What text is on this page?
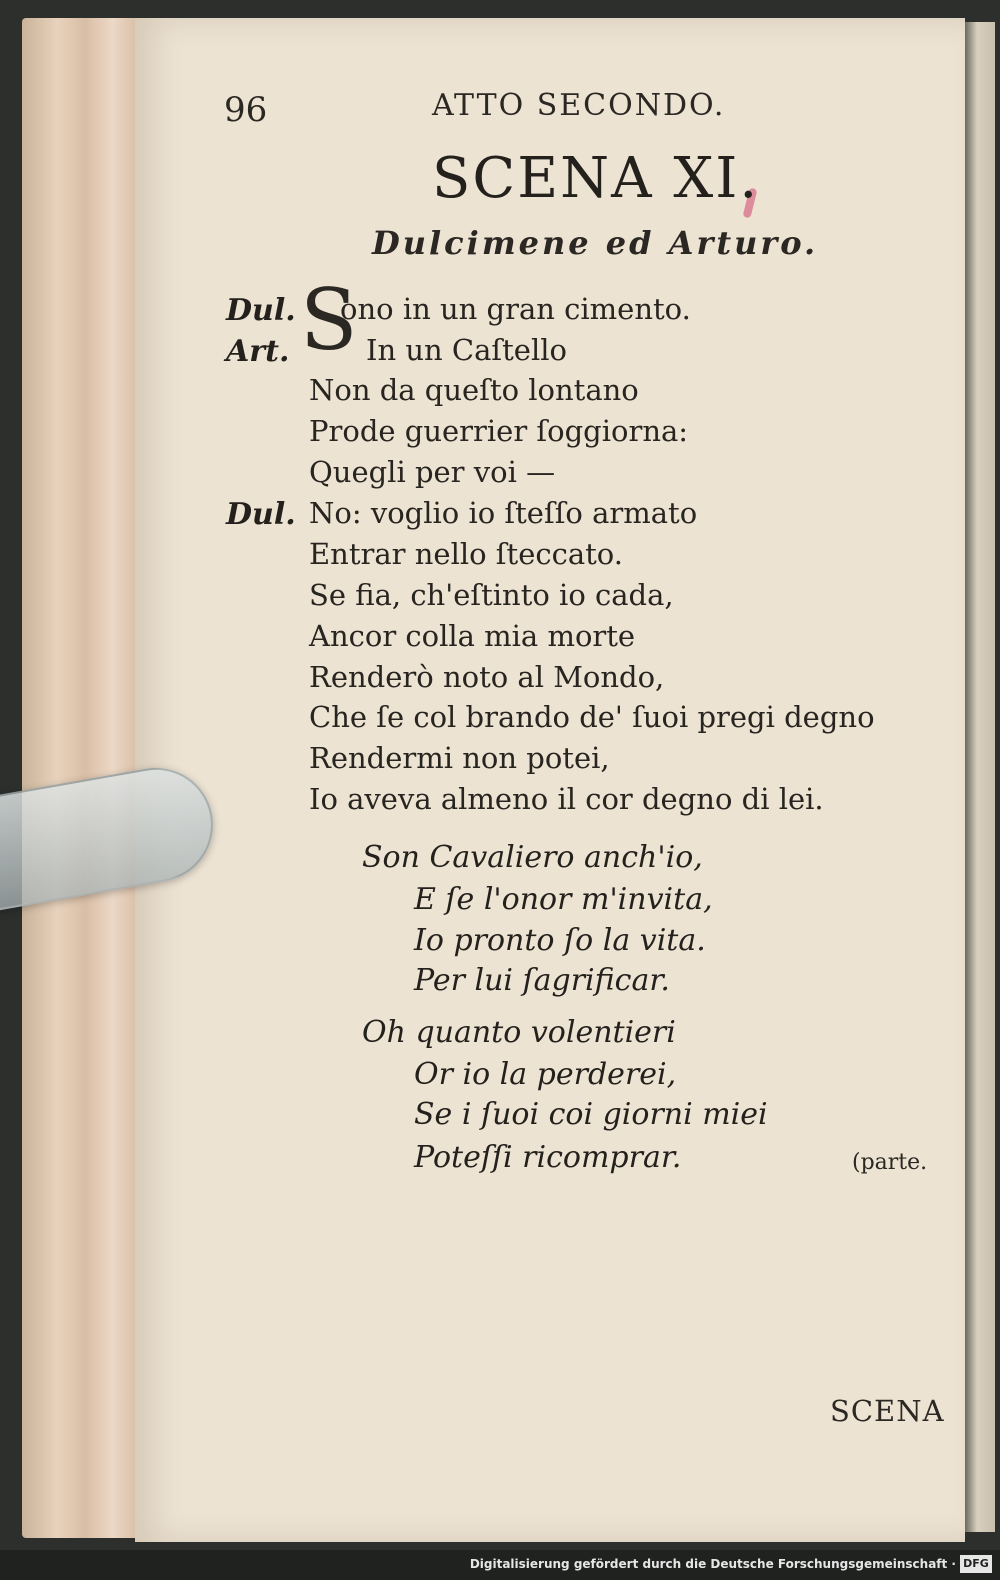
96	ATTO SECONDO.
SCENA XI.
Dulcimene ed Arturo.
S
Dul. ono in un gran cimento.
Art.	In un Caſtello
Non da queſto lontano
Prode guerrier ſoggiorna:
Quegli per voi —
Dul. No: voglio io ſteſſo armato
Entrar nello ſteccato.
Se fia, ch'eſtinto io cada,
Ancor colla mia morte
Renderò noto al Mondo,
Che ſe col brando de' ſuoi pregi degno
Rendermi non potei,
Io aveva almeno il cor degno di lei.
Son Cavaliero anch'io,
E ſe l'onor m'invita,
Io pronto ſo la vita.
Per lui ſagrificar.
Oh quanto volentieri
Or io la perderei,
Se i ſuoi coi giorni miei
Poteſſi ricomprar.	(parte.
SCENA
Digitalisierung gefördert durch die Deutsche Forschungsgemeinschaft · DFG
